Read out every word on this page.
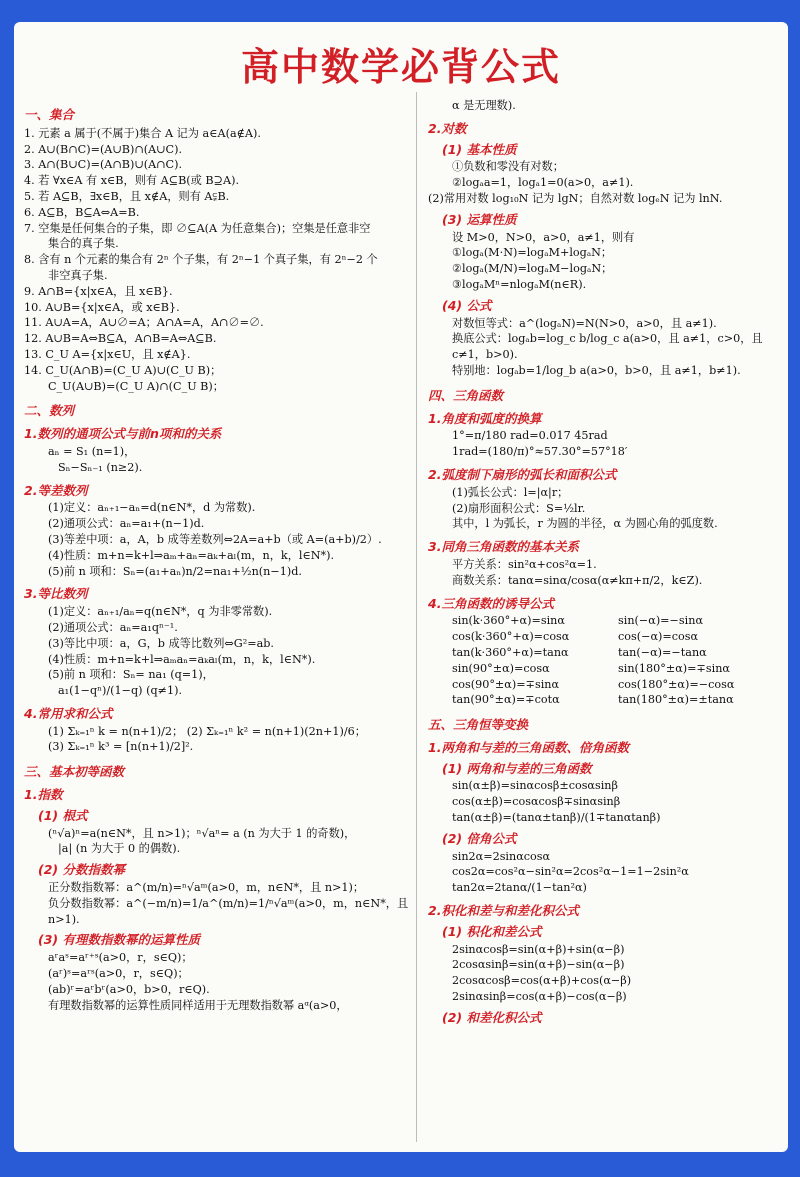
高中数学必背公式
一、集合
1. 元素 a 属于(不属于)集合 A 记为 a∈A(a∉A).
2. A∪(B∩C)=(A∪B)∩(A∪C).
3. A∩(B∪C)=(A∩B)∪(A∩C).
4. 若 ∀x∈A 有 x∈B，则有 A⊆B(或 B⊇A).
5. 若 A⊆B，∃x∈B，且 x∉A，则有 A⫋B.
6. A⊆B，B⊆A⇔A=B.
7. 空集是任何集合的子集，即 ∅⊆A(A 为任意集合)；空集是任意非空
集合的真子集.
8. 含有 n 个元素的集合有 2ⁿ 个子集，有 2ⁿ−1 个真子集，有 2ⁿ−2 个
非空真子集.
9. A∩B={x|x∈A，且 x∈B}.
10. A∪B={x|x∈A，或 x∈B}.
11. A∪A=A，A∪∅=A；A∩A=A，A∩∅=∅.
12. A∪B=A⇔B⊆A，A∩B=A⇔A⊆B.
13. C_U A={x|x∈U，且 x∉A}.
14. C_U(A∩B)=(C_U A)∪(C_U B)；
C_U(A∪B)=(C_U A)∩(C_U B)；
二、数列
1.数列的通项公式与前n项和的关系
aₙ = S₁ (n=1)，
Sₙ−Sₙ₋₁ (n≥2).
2.等差数列
(1)定义：aₙ₊₁−aₙ=d(n∈N*，d 为常数).
(2)通项公式：aₙ=a₁+(n−1)d.
(3)等差中项：a，A，b 成等差数列⇔2A=a+b（或 A=(a+b)/2）.
(4)性质：m+n=k+l⇒aₘ+aₙ=aₖ+aₗ(m，n，k，l∈N*).
(5)前 n 项和：Sₙ=(a₁+aₙ)n/2=na₁+½n(n−1)d.
3.等比数列
(1)定义：aₙ₊₁/aₙ=q(n∈N*，q 为非零常数).
(2)通项公式：aₙ=a₁qⁿ⁻¹.
(3)等比中项：a，G，b 成等比数列⇔G²=ab.
(4)性质：m+n=k+l⇒aₘaₙ=aₖaₗ(m，n，k，l∈N*).
(5)前 n 项和：Sₙ= na₁ (q=1)，
a₁(1−qⁿ)/(1−q) (q≠1).
4.常用求和公式
(1) Σₖ₌₁ⁿ k = n(n+1)/2； (2) Σₖ₌₁ⁿ k² = n(n+1)(2n+1)/6；
(3) Σₖ₌₁ⁿ k³ = [n(n+1)/2]².
三、基本初等函数
1.指数
(1) 根式
(ⁿ√a)ⁿ=a(n∈N*，且 n>1)；ⁿ√aⁿ= a (n 为大于 1 的奇数)，
|a| (n 为大于 0 的偶数).
(2) 分数指数幂
正分数指数幂：a^(m/n)=ⁿ√aᵐ(a>0，m，n∈N*，且 n>1)；
负分数指数幂：a^(−m/n)=1/a^(m/n)=1/ⁿ√aᵐ(a>0，m，n∈N*，且 n>1).
(3) 有理数指数幂的运算性质
aʳaˢ=aʳ⁺ˢ(a>0，r，s∈Q)；
(aʳ)ˢ=aʳˢ(a>0，r，s∈Q)；
(ab)ʳ=aʳbʳ(a>0，b>0，r∈Q).
有理数指数幂的运算性质同样适用于无理数指数幂 aᵅ(a>0，
α 是无理数).
2.对数
(1) 基本性质
①负数和零没有对数；
②logₐa=1，logₐ1=0(a>0，a≠1).
(2)常用对数 log₁₀N 记为 lgN；自然对数 logₑN 记为 lnN.
(3) 运算性质
设 M>0，N>0，a>0，a≠1，则有
①logₐ(M·N)=logₐM+logₐN；
②logₐ(M/N)=logₐM−logₐN；
③logₐMⁿ=nlogₐM(n∈R).
(4) 公式
对数恒等式：a^(logₐN)=N(N>0，a>0，且 a≠1).
换底公式：logₐb=log_c b/log_c a(a>0，且 a≠1，c>0，且 c≠1，b>0).
特别地：logₐb=1/log_b a(a>0，b>0，且 a≠1，b≠1).
四、三角函数
1.角度和弧度的换算
1°=π/180 rad=0.017 45rad
1rad=(180/π)°≈57.30°=57°18′
2.弧度制下扇形的弧长和面积公式
(1)弧长公式：l=|α|r；
(2)扇形面积公式：S=½lr.
其中，l 为弧长，r 为圆的半径，α 为圆心角的弧度数.
3.同角三角函数的基本关系
平方关系：sin²α+cos²α=1.
商数关系：tanα=sinα/cosα(α≠kπ+π/2，k∈Z).
4.三角函数的诱导公式
sin(k·360°+α)=sinα	sin(−α)=−sinα
cos(k·360°+α)=cosα	cos(−α)=cosα
tan(k·360°+α)=tanα	tan(−α)=−tanα
sin(90°±α)=cosα	sin(180°±α)=∓sinα
cos(90°±α)=∓sinα	cos(180°±α)=−cosα
tan(90°±α)=∓cotα	tan(180°±α)=±tanα
五、三角恒等变换
1.两角和与差的三角函数、倍角函数
(1) 两角和与差的三角函数
sin(α±β)=sinαcosβ±cosαsinβ
cos(α±β)=cosαcosβ∓sinαsinβ
tan(α±β)=(tanα±tanβ)/(1∓tanαtanβ)
(2) 倍角公式
sin2α=2sinαcosα
cos2α=cos²α−sin²α=2cos²α−1=1−2sin²α
tan2α=2tanα/(1−tan²α)
2.积化和差与和差化积公式
(1) 积化和差公式
2sinαcosβ=sin(α+β)+sin(α−β)
2cosαsinβ=sin(α+β)−sin(α−β)
2cosαcosβ=cos(α+β)+cos(α−β)
2sinαsinβ=cos(α+β)−cos(α−β)
(2) 和差化积公式
